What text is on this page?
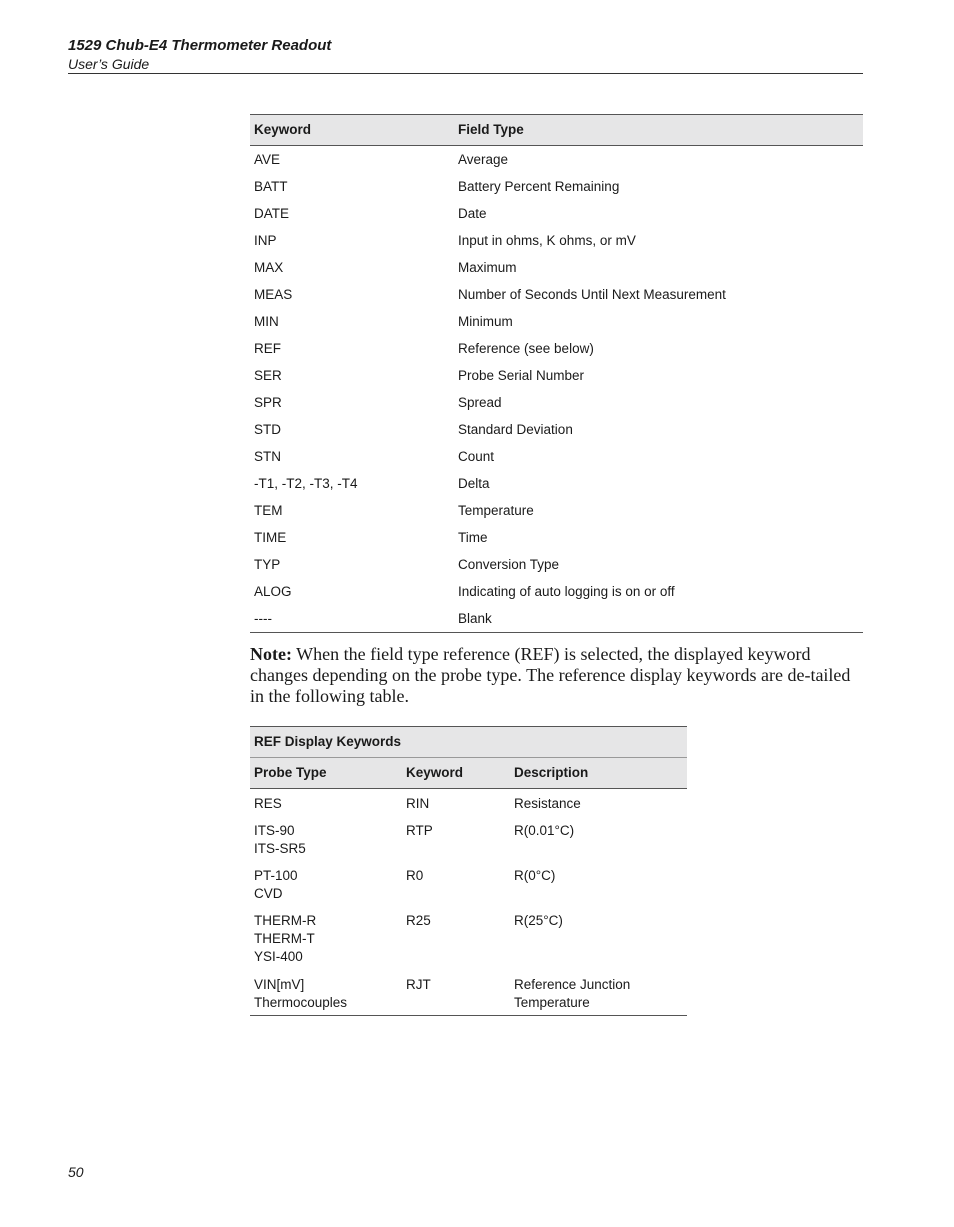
1529 Chub-E4 Thermometer Readout
User’s Guide
Keyword	Field Type
AVE	Average
BATT	Battery Percent Remaining
DATE	Date
INP	Input in ohms, K ohms, or mV
MAX	Maximum
MEAS	Number of Seconds Until Next Measurement
MIN	Minimum
REF	Reference (see below)
SER	Probe Serial Number
SPR	Spread
STD	Standard Deviation
STN	Count
-T1, -T2, -T3, -T4	Delta
TEM	Temperature
TIME	Time
TYP	Conversion Type
ALOG	Indicating of auto logging is on or off
----	Blank

Note: When the field type reference (REF) is selected, the displayed keyword changes depending on the probe type. The reference display keywords are de-tailed in the following table.

REF Display Keywords		
Probe Type	Keyword	Description
RES	RIN	Resistance
ITS-90
ITS-SR5	RTP	R(0.01°C)
PT-100
CVD	R0	R(0°C)
THERM-R
THERM-T
YSI-400	R25	R(25°C)
VIN[mV]
Thermocouples	RJT	Reference Junction
Temperature
50
